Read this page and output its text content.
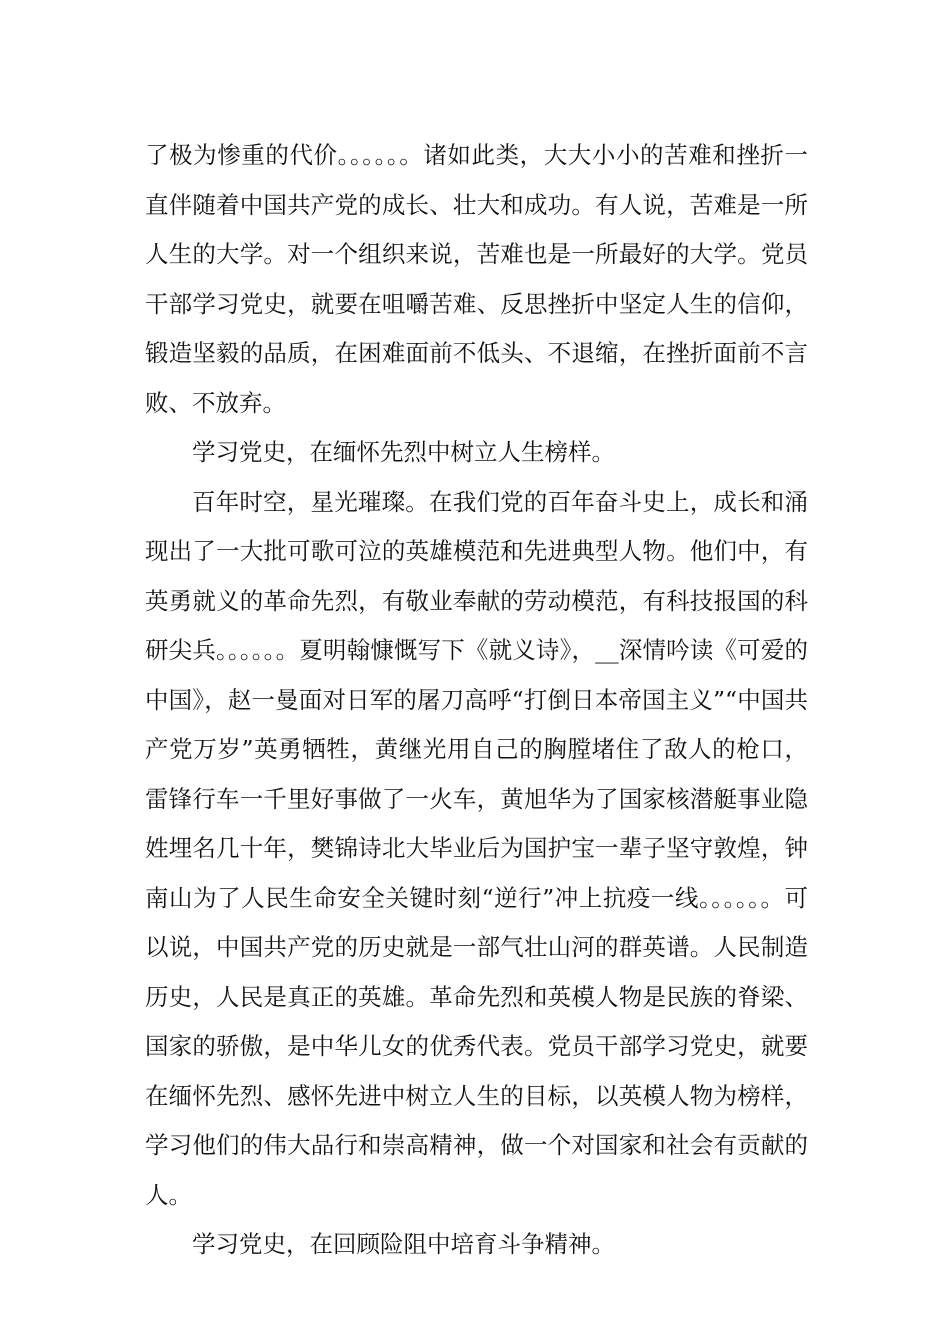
了极为惨重的代价。。。。。。诸如此类，大大小小的苦难和挫折一直伴随着中国共产党的成长、壮大和成功。有人说，苦难是一所人生的大学。对一个组织来说，苦难也是一所最好的大学。党员干部学习党史，就要在咀嚼苦难、反思挫折中坚定人生的信仰，锻造坚毅的品质，在困难面前不低头、不退缩，在挫折面前不言败、不放弃。

学习党史，在缅怀先烈中树立人生榜样。

百年时空，星光璀璨。在我们党的百年奋斗史上，成长和涌现出了一大批可歌可泣的英雄模范和先进典型人物。他们中，有英勇就义的革命先烈，有敬业奉献的劳动模范，有科技报国的科研尖兵。。。。。。夏明翰慷慨写下《就义诗》，__深情吟读《可爱的中国》，赵一曼面对日军的屠刀高呼“打倒日本帝国主义”“中国共产党万岁”英勇牺牲，黄继光用自己的胸膛堵住了敌人的枪口，雷锋行车一千里好事做了一火车，黄旭华为了国家核潜艇事业隐姓埋名几十年，樊锦诗北大毕业后为国护宝一辈子坚守敦煌，钟南山为了人民生命安全关键时刻“逆行”冲上抗疫一线。。。。。。可以说，中国共产党的历史就是一部气壮山河的群英谱。人民制造历史，人民是真正的英雄。革命先烈和英模人物是民族的脊梁、国家的骄傲，是中华儿女的优秀代表。党员干部学习党史，就要在缅怀先烈、感怀先进中树立人生的目标，以英模人物为榜样，学习他们的伟大品行和崇高精神，做一个对国家和社会有贡献的人。

学习党史，在回顾险阻中培育斗争精神。
